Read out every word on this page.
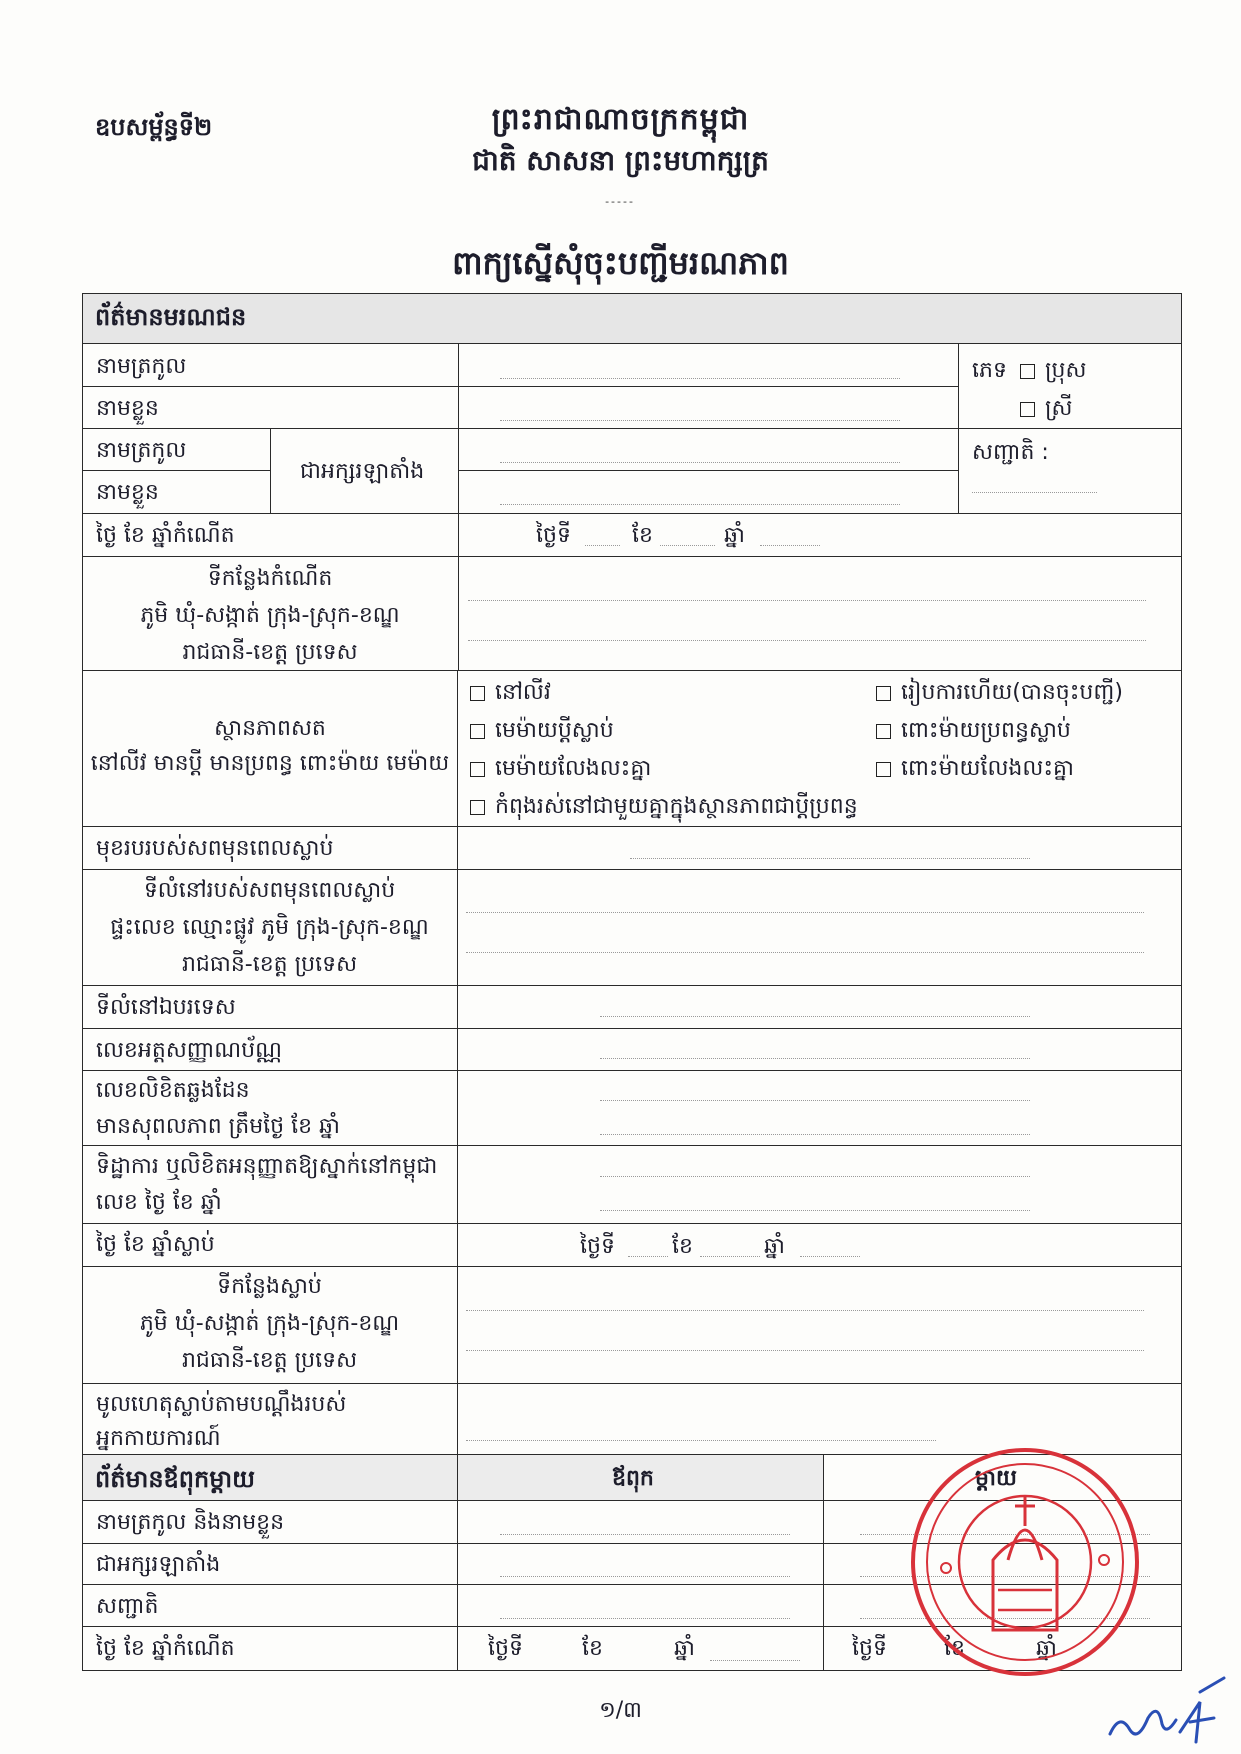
ឧបសម្ព័ន្ធទី២	ព្រះរាជាណាចក្រកម្ពុជា
ជាតិ សាសនា ព្រះមហាក្សត្រ
-----
ពាក្យស្នើសុំចុះបញ្ជីមរណភាព
ព័ត៌មានមរណជន
នាមត្រកូល
នាមខ្លួន
ភេទ	ប្រុស
ស្រី
នាមត្រកូល
នាមខ្លួន
ជាអក្សរឡាតាំង
សញ្ជាតិ :
ថ្ងៃ ខែ ឆ្នាំកំណើត	ថ្ងៃទី	ខែ	ឆ្នាំ
ទីកន្លែងកំណើត
ភូមិ ឃុំ-សង្កាត់ ក្រុង-ស្រុក-ខណ្ឌ
រាជធានី-ខេត្ត ប្រទេស
ស្ថានភាពសត
នៅលីវ មានប្ដី មានប្រពន្ធ ពោះម៉ាយ មេម៉ាយ
នៅលីវ
មេម៉ាយប្ដីស្លាប់
មេម៉ាយលែងលះគ្នា
កំពុងរស់នៅជាមួយគ្នាក្នុងស្ថានភាពជាប្ដីប្រពន្ធ
រៀបការហើយ(បានចុះបញ្ជី)
ពោះម៉ាយប្រពន្ធស្លាប់
ពោះម៉ាយលែងលះគ្នា
មុខរបរបស់សពមុនពេលស្លាប់
ទីលំនៅរបស់សពមុនពេលស្លាប់
ផ្ទះលេខ ឈ្មោះផ្លូវ ភូមិ ក្រុង-ស្រុក-ខណ្ឌ
រាជធានី-ខេត្ត ប្រទេស
ទីលំនៅឯបរទេស
លេខអត្តសញ្ញាណប័ណ្ណ
លេខលិខិតឆ្លងដែន
មានសុពលភាព ត្រឹមថ្ងៃ ខែ ឆ្នាំ
ទិដ្ឋាការ ឬលិខិតអនុញ្ញាតឱ្យស្នាក់នៅកម្ពុជា
លេខ ថ្ងៃ ខែ ឆ្នាំ
ថ្ងៃ ខែ ឆ្នាំស្លាប់	ថ្ងៃទី	ខែ	ឆ្នាំ
ទីកន្លែងស្លាប់
ភូមិ ឃុំ-សង្កាត់ ក្រុង-ស្រុក-ខណ្ឌ
រាជធានី-ខេត្ត ប្រទេស
មូលហេតុស្លាប់តាមបណ្ដឹងរបស់
អ្នកកាយការណ៍
ព័ត៌មានឪពុកម្ដាយ	ឪពុក	ម្ដាយ
នាមត្រកូល និងនាមខ្លួន
ជាអក្សរឡាតាំង
សញ្ជាតិ
ថ្ងៃ ខែ ឆ្នាំកំណើត	ថ្ងៃទី	ខែ	ឆ្នាំ	ថ្ងៃទី	ខែ	ឆ្នាំ
១/៣
